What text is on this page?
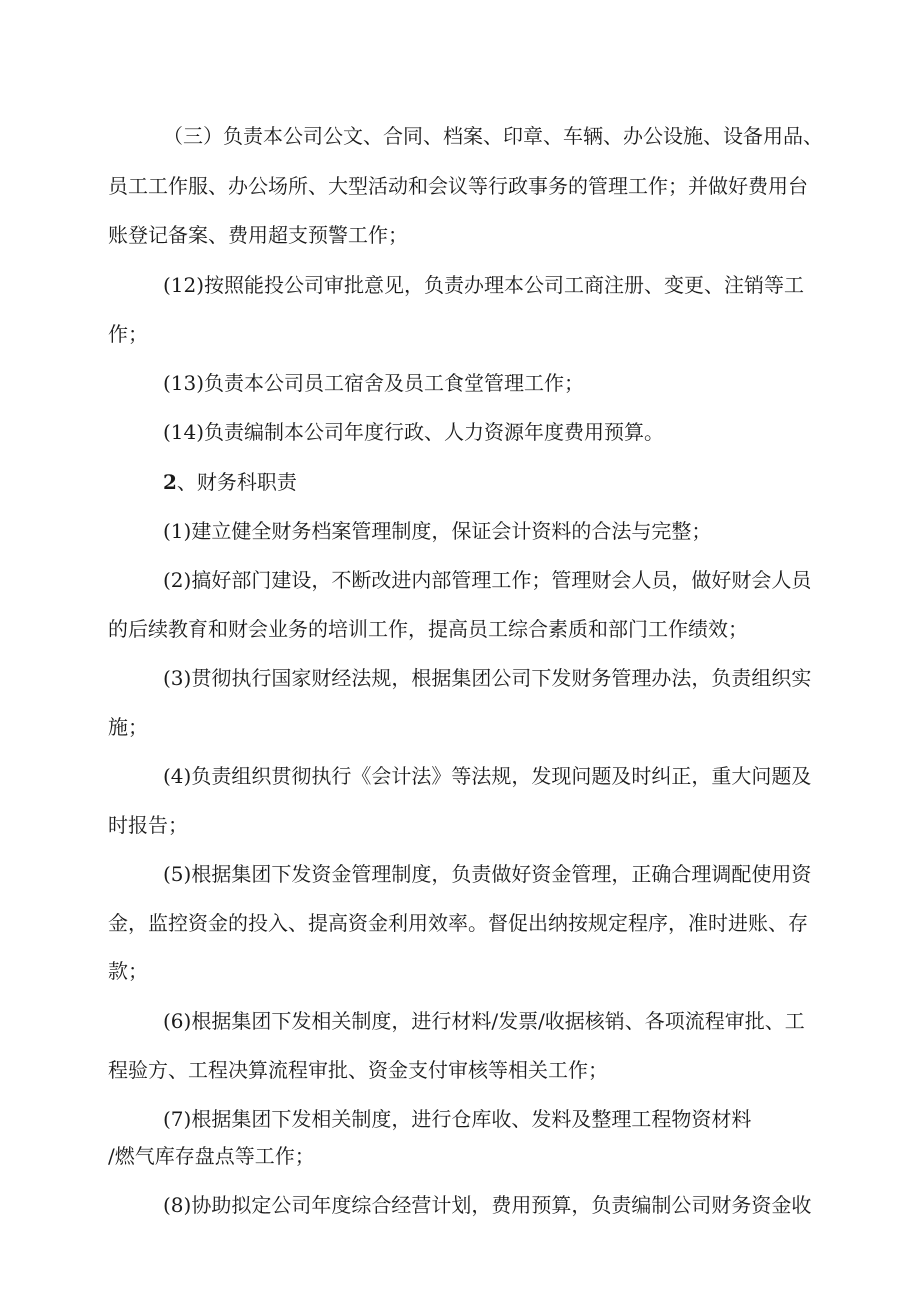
（三）负责本公司公文、合同、档案、印章、车辆、办公设施、设备用品、
员工工作服、办公场所、大型活动和会议等行政事务的管理工作；并做好费用台
账登记备案、费用超支预警工作；
(12)按照能投公司审批意见，负责办理本公司工商注册、变更、注销等工
作；
(13)负责本公司员工宿舍及员工食堂管理工作；
(14)负责编制本公司年度行政、人力资源年度费用预算。
2、财务科职责
(1)建立健全财务档案管理制度，保证会计资料的合法与完整；
(2)搞好部门建设，不断改进内部管理工作；管理财会人员，做好财会人员
的后续教育和财会业务的培训工作，提高员工综合素质和部门工作绩效；
(3)贯彻执行国家财经法规，根据集团公司下发财务管理办法，负责组织实
施；
(4)负责组织贯彻执行《会计法》等法规，发现问题及时纠正，重大问题及
时报告；
(5)根据集团下发资金管理制度，负责做好资金管理，正确合理调配使用资
金，监控资金的投入、提高资金利用效率。督促出纳按规定程序，准时进账、存
款；
(6)根据集团下发相关制度，进行材料/发票/收据核销、各项流程审批、工
程验方、工程决算流程审批、资金支付审核等相关工作；
(7)根据集团下发相关制度，进行仓库收、发料及整理工程物资材料
/燃气库存盘点等工作；
(8)协助拟定公司年度综合经营计划，费用预算，负责编制公司财务资金收
